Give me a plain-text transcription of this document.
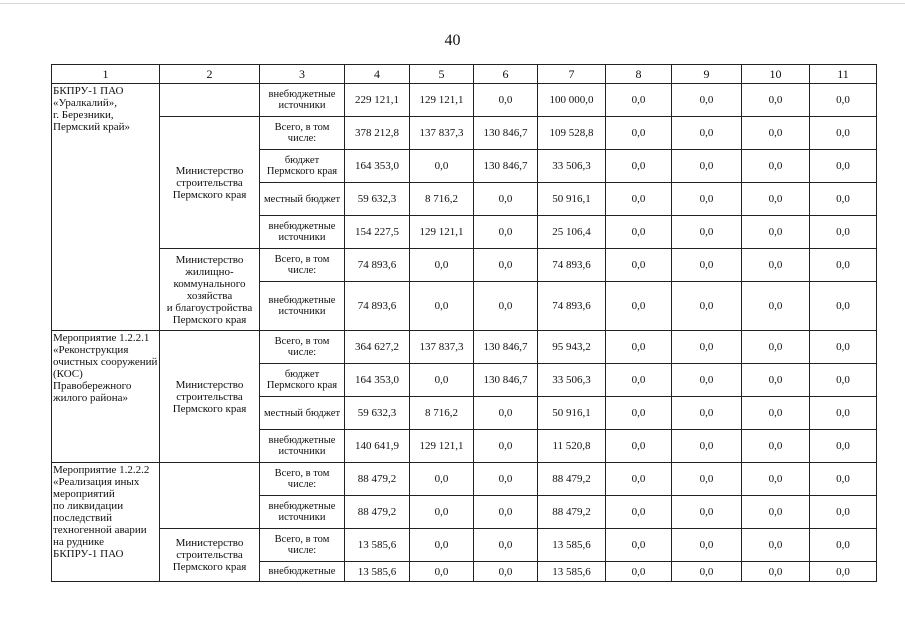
40
1	2	3	4	5	6	7	8	9	10	11
БКПРУ-1 ПАО
«Уралкалий»,
г. Березники,
Пермский край»		внебюджетные источники	229 121,1	129 121,1	0,0	100 000,0	0,0	0,0	0,0	0,0
	Министерство строительства Пермского края	Всего, в том числе:	378 212,8	137 837,3	130 846,7	109 528,8	0,0	0,0	0,0	0,0
		бюджет Пермского края	164 353,0	0,0	130 846,7	33 506,3	0,0	0,0	0,0	0,0
		местный бюджет	59 632,3	8 716,2	0,0	50 916,1	0,0	0,0	0,0	0,0
		внебюджетные источники	154 227,5	129 121,1	0,0	25 106,4	0,0	0,0	0,0	0,0
	Министерство жилищно-коммунального хозяйства
и благоустройства Пермского края	Всего, в том числе:	74 893,6	0,0	0,0	74 893,6	0,0	0,0	0,0	0,0
		внебюджетные источники	74 893,6	0,0	0,0	74 893,6	0,0	0,0	0,0	0,0
Мероприятие 1.2.2.1
«Реконструкция очистных сооружений (КОС) Правобережного жилого района»	Министерство строительства Пермского края	Всего, в том числе:	364 627,2	137 837,3	130 846,7	95 943,2	0,0	0,0	0,0	0,0
		бюджет Пермского края	164 353,0	0,0	130 846,7	33 506,3	0,0	0,0	0,0	0,0
		местный бюджет	59 632,3	8 716,2	0,0	50 916,1	0,0	0,0	0,0	0,0
		внебюджетные источники	140 641,9	129 121,1	0,0	11 520,8	0,0	0,0	0,0	0,0
Мероприятие 1.2.2.2
«Реализация иных мероприятий
по ликвидации последствий техногенной аварии на руднике
БКПРУ-1 ПАО		Всего, в том числе:	88 479,2	0,0	0,0	88 479,2	0,0	0,0	0,0	0,0
		внебюджетные источники	88 479,2	0,0	0,0	88 479,2	0,0	0,0	0,0	0,0
	Министерство строительства Пермского края	Всего, в том числе:	13 585,6	0,0	0,0	13 585,6	0,0	0,0	0,0	0,0
		внебюджетные	13 585,6	0,0	0,0	13 585,6	0,0	0,0	0,0	0,0
